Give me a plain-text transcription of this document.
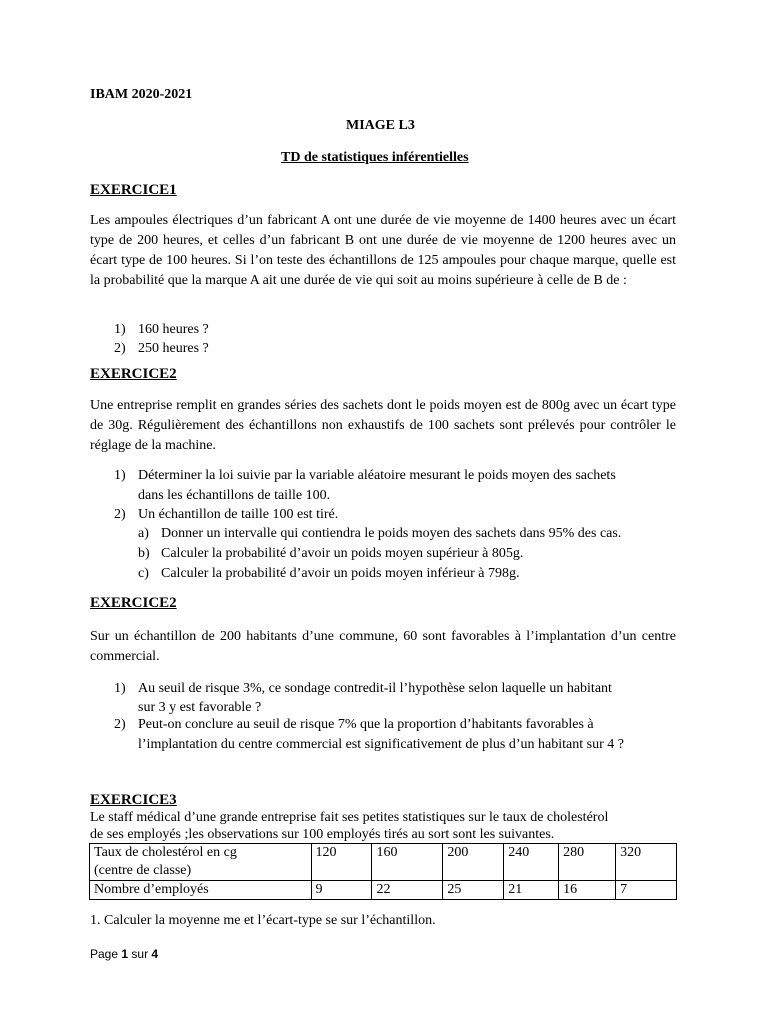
IBAM 2020-2021
MIAGE L3
TD de statistiques inférentielles
EXERCICE1

Les ampoules électriques d’un fabricant A ont une durée de vie moyenne de 1400 heures avec un écart type de 200 heures, et celles d’un fabricant B ont une durée de vie moyenne de 1200 heures avec un écart type de 100 heures. Si l’on teste des échantillons de 125 ampoules pour chaque marque, quelle est la probabilité que la marque A ait une durée de vie qui soit au moins supérieure à celle de B de :

1) 160 heures ?
2) 250 heures ?
EXERCICE2

Une entreprise remplit en grandes séries des sachets dont le poids moyen est de 800g avec un écart type de 30g. Régulièrement des échantillons non exhaustifs de 100 sachets sont prélevés pour contrôler le réglage de la machine.

1) Déterminer la loi suivie par la variable aléatoire mesurant le poids moyen des sachets
dans les échantillons de taille 100.
2) Un échantillon de taille 100 est tiré.
a) Donner un intervalle qui contiendra le poids moyen des sachets dans 95% des cas.
b) Calculer la probabilité d’avoir un poids moyen supérieur à 805g.
c) Calculer la probabilité d’avoir un poids moyen inférieur à 798g.
EXERCICE2

Sur un échantillon de 200 habitants d’une commune, 60 sont favorables à l’implantation d’un centre commercial.

1) Au seuil de risque 3%, ce sondage contredit-il l’hypothèse selon laquelle un habitant
sur 3 y est favorable ?
2) Peut-on conclure au seuil de risque 7% que la proportion d’habitants favorables à
l’implantation du centre commercial est significativement de plus d’un habitant sur 4 ?
EXERCICE3
Le staff médical d’une grande entreprise fait ses petites statistiques sur le taux de cholestérol
de ses employés ;les observations sur 100 employés tirés au sort sont les suivantes.
Taux de cholestérol en cg
(centre de classe)	120	160	200	240	280	320
Nombre d’employés	9	22	25	21	16	7
1. Calculer la moyenne me et l’écart-type se sur l’échantillon.
Page 1 sur 4
